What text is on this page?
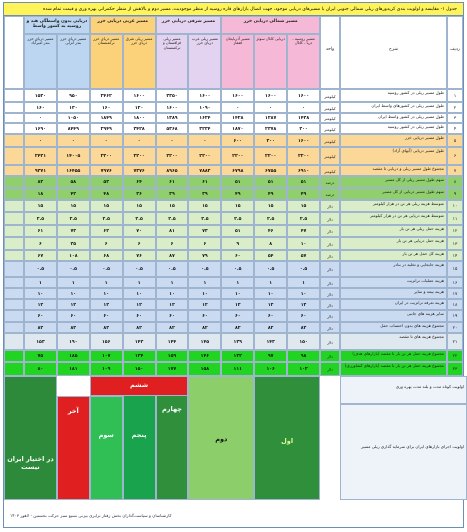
جدول ۱- مقایسه و اولویت بندی کریدورهای ریلی شمالی جنوبی ایران با مسیرهای دریایی موجود، جهت اتصال بازارهای قاره روسیه از منظر موجودیت، مسیر دوم و بالاهش از منظر حکمرانی بهره وری و قیمت تمام شده
ردیف
شرح
واحد
مسیر شمالی دریایی خزر
مسیر شرقی دریایی خزر
مسیر غربی دریایی خزر
دریایی بدون واسطگی هند و روسیه به کشور واسط
مسیر دریای خزر بندر امیرآباد
مسیر دریای خزر بندر انزلی
مسیر دریای خزر ترکمنستان
مسیر ریلی شرق دریای خزر
مسیر ریلی قزاقستان و ترکمنستان
مسیر ریلی غرب دریای خزر
مسیر آذربایجان قفقاز
دریایی کانال سوئز	مسیر روسیه - دریا - کانال
۱
طول مسیر ریلی در کشور روسیه
کیلومتر
۱۶۰۰
۱۶۰۰
۱۶۰۰
۱۶۰۰
۲۳۵۰
۱۶۰۰
۲۴۶۲
۹۵۰
۱۵۳۰
۲
طول مسیر ریلی در کشورهای واسط ایران
کیلومتر
۰
۰
۰
۱۰۹۰
۱۶۰۰
۱۲۰
۱۶۰
۱۳۰
۱۶۰
۳
طول مسیر ریلی در کشور واسط ایران
کیلومتر
۱۴۳۸
۱۲۸۷
۱۴۲۸
۱۶۲۴
۱۳۸۹
۱۸۰۰
۱۸۴۹
۱۰۵۰
۰
۴
طول مسیر ریلی در کشور روسیه
کیلومتر
۲۰۰
۲۳۷۸
۱۸۷۰
۳۲۳۴
۵۳۶۸
۳۴۲۸
۲۹۴۹
۸۴۴۹
۱۶۹۰
۵
طول مسیر دریایی خزر
کیلومتر
۱۶۰۰
۲۰۰
۶۰۰
۰
۰
۰
۰
۰
۰
۶
طول مسیر دریایی (آبهای آزاد)
کیلومتر
۲۲۰۰
۲۲۰۰
۲۲۰۰
۲۲۰۰
۲۲۰۰
۲۲۰۰
۲۲۰۰
۱۴۰۰۵
۲۴۳۱
۷
مجموع طول مسیر ریلی و دریایی تا مقصد
کیلومتر
۶۹۱۰
۶۷۵۵
۶۷۹۸
۷۸۸۲
۸۹۶۵
۷۳۷۶
۷۹۷۶
۱۶۴۵۵
۹۳۷۱
۸
سهم طول مسیر ریلی از کل مسیر
درصد
۵۱
۵۱
۵۱
۶۱
۶۱
۶۴
۵۲
۵۸
۸۲
۹
سهم طول مسیر دریایی از کل مسیر
درصد
۴۹
۴۹
۴۹
۳۹
۳۹
۳۶
۴۸
۴۲
۱۸
۱۰
متوسط هزینه ریلی هر تن در هزار کیلومتر
دلار
۱۵
۱۵
۱۵
۱۵
۱۵
۱۵
۱۵
۱۵
۱۵
۱۱
متوسط هزینه دریایی هر تن در هزار کیلومتر
دلار
۲.۵
۲.۵
۲.۵
۲.۵
۲.۵
۲.۵
۲.۵
۲.۵
۲.۵
۱۲
هزینه حمل ریلی هر تن بار
دلار
۴۷
۴۶
۵۱
۷۳
۸۱
۷۰
۶۲
۷۳
۶۱
۱۳
هزینه حمل دریایی هر تن بار
دلار
۱۰
۸
۹
۶
۶
۶
۶
۳۵
۶
۱۴
هزینه کل حمل هر تن بار
دلار
۵۷
۵۴
۶۰
۷۹
۸۷
۷۶
۶۸
۱۰۸
۶۷
۱۵
هزینه جابجایی و تخلیه در بنادر
دلار
۰.۵
۰.۵
۰.۵
۰.۵
۰.۵
۰.۵
۰.۵
۰.۵
۰.۵
۱۶
هزینه عملیات ترانزیت
دلار
۱
۱
۱
۱
۱
۱
۱
۱
۱
۱۷
هزینه بیمه و سایر
دلار
۱۰
۱۰
۱۰
۱۰
۱۰
۱۰
۱۰
۱۰
۱۰
۱۸
هزینه تعرفه ترانزیت در ایران
دلار
۱۲
۱۲
۱۲
۱۲
۱۲
۱۲
۱۲
۱۲
۱۲
۱۹
سایر هزینه های جانبی
دلار
۶۰
۶۰
۶۰
۶۰
۶۰
۶۰
۶۰
۶۰
۶۰
۲۰
مجموع هزینه های بدون احتساب حمل
دلار
۸۲
۸۲
۸۲
۸۲
۸۲
۸۲
۸۲
۸۲
۸۲
۲۱
مجموع هزینه های تا مقصد
دلار
۱۵۰
۱۴۳
۱۳۹
۱۴۵
۱۴۴
۱۴۳
۱۵۶
۱۹۰
۱۵۳
۲۲
مجموع هزینه حمل هر تن بار تا مقصد (بازارهای هدف)
دلار
۹۸
۹۷
۱۳۲
۱۴۶
۱۵۹
۱۳۴
۱۰۷
۱۸۵
۷۵
۲۳
مجموع هزینه حمل هر تن بار تا مقصد (بازارهای کشاورزی)
دلار
۱۰۲
۱۰۶
۱۱۱
۱۵۸
۱۷۷
۱۵۰
۱۰۹
۱۸۱
۸۰
اولویت کوتاه مدت و بلند مدت بهره وری
اولویت اجرای بازارهای ایران برای سرمایه گذاری ریلی مسیر
اول
دوم
چهارم
پنجم
سوم
ششم
آخر
در اختیار ایران نیست
کارشناسان و سیاست‌گذار‌ان بخش رفتار ترابری بیزنی بسیع سبز حرکت نخستین - لاهور ۱۴۰۳
